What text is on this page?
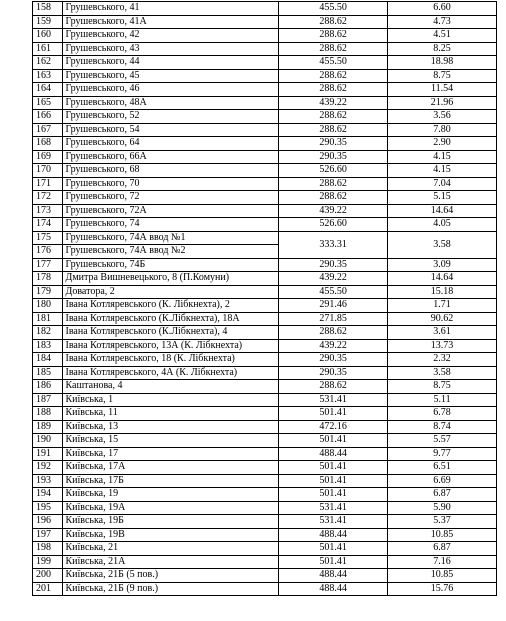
158	Грушевського, 41	455.50	6.60
159	Грушевського, 41А	288.62	4.73
160	Грушевського, 42	288.62	4.51
161	Грушевського, 43	288.62	8.25
162	Грушевського, 44	455.50	18.98
163	Грушевського, 45	288.62	8.75
164	Грушевського, 46	288.62	11.54
165	Грушевського, 48А	439.22	21.96
166	Грушевського, 52	288.62	3.56
167	Грушевського, 54	288.62	7.80
168	Грушевського, 64	290.35	2.90
169	Грушевського, 66А	290.35	4.15
170	Грушевського, 68	526.60	4.15
171	Грушевського, 70	288.62	7.04
172	Грушевського, 72	288.62	5.15
173	Грушевського, 72А	439.22	14.64
174	Грушевського, 74	526.60	4.05
175	Грушевського, 74А ввод №1	333.31	3.58
176	Грушевського, 74А ввод №2		
177	Грушевського, 74Б	290.35	3.09
178	Дмитра Вишневецького, 8 (П.Комуни)	439.22	14.64
179	Доватора, 2	455.50	15.18
180	Івана Котляревського (К. Лібкнехта), 2	291.46	1.71
181	Івана Котляревського (К.Лібкнехта), 18А	271.85	90.62
182	Івана Котляревського (К.Лібкнехта), 4	288.62	3.61
183	Івана Котляревського, 13А (К. Лібкнехта)	439.22	13.73
184	Івана Котляревського, 18 (К. Лібкнехта)	290.35	2.32
185	Івана Котляревського, 4А (К. Лібкнехта)	290.35	3.58
186	Каштанова, 4	288.62	8.75
187	Київська, 1	531.41	5.11
188	Київська, 11	501.41	6.78
189	Київська, 13	472.16	8.74
190	Київська, 15	501.41	5.57
191	Київська, 17	488.44	9.77
192	Київська, 17А	501.41	6.51
193	Київська, 17Б	501.41	6.69
194	Київська, 19	501.41	6.87
195	Київська, 19А	531.41	5.90
196	Київська, 19Б	531.41	5.37
197	Київська, 19В	488.44	10.85
198	Київська, 21	501.41	6.87
199	Київська, 21А	501.41	7.16
200	Київська, 21Б (5 пов.)	488.44	10.85
201	Київська, 21Б (9 пов.)	488.44	15.76
